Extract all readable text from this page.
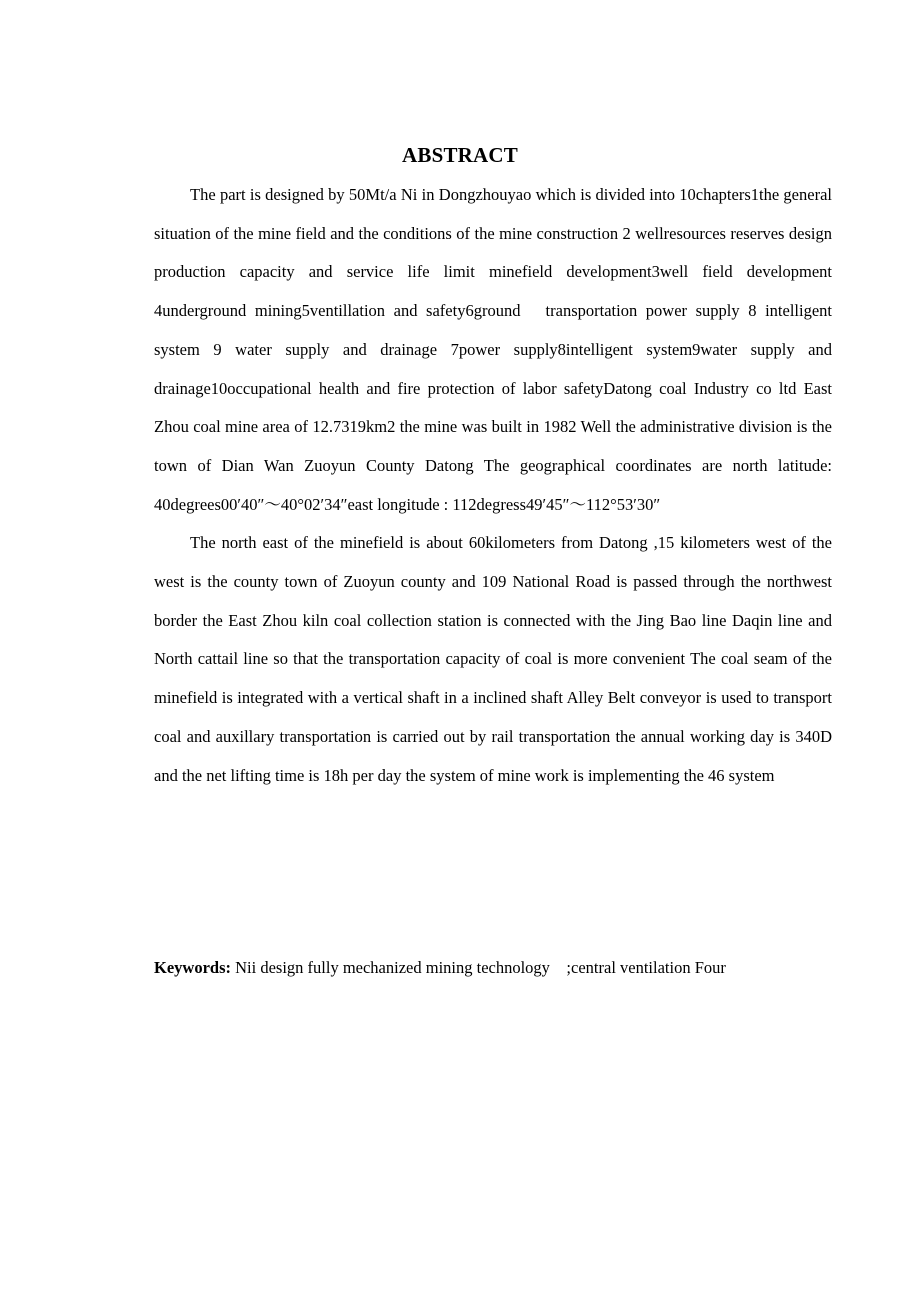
ABSTRACT

The part is designed by 50Mt/a Ni in Dongzhouyao which is divided into 10chapters1the general situation of the mine field and the conditions of the mine construction 2 wellresources reserves design production capacity and service life limit minefield development3well field development 4underground mining5ventillation and safety6ground  transportation power supply 8 intelligent system 9 water supply and drainage 7power supply8intelligent system9water supply and drainage10occupational health and fire protection of labor safetyDatong coal Industry co ltd East Zhou coal mine area of 12.7319km2 the mine was built in 1982 Well the administrative division is the town of Dian Wan Zuoyun County Datong The geographical coordinates are north latitude: 40degrees00′40″～40°02′34″east longitude : 112degress49′45″～112°53′30″

The north east of the minefield is about 60kilometers from Datong ,15 kilometers west of the west is the county town of Zuoyun county and 109 National Road is passed through the northwest border the East Zhou kiln coal collection station is connected with the Jing Bao line Daqin line and North cattail line so that the transportation capacity of coal is more convenient The coal seam of the minefield is integrated with a vertical shaft in a inclined shaft Alley Belt conveyor is used to transport coal and auxillary transportation is carried out by rail transportation the annual working day is 340D and the net lifting time is 18h per day the system of mine work is implementing the 46 system

Keywords: Nii design fully mechanized mining technology    ;central ventilation Four
